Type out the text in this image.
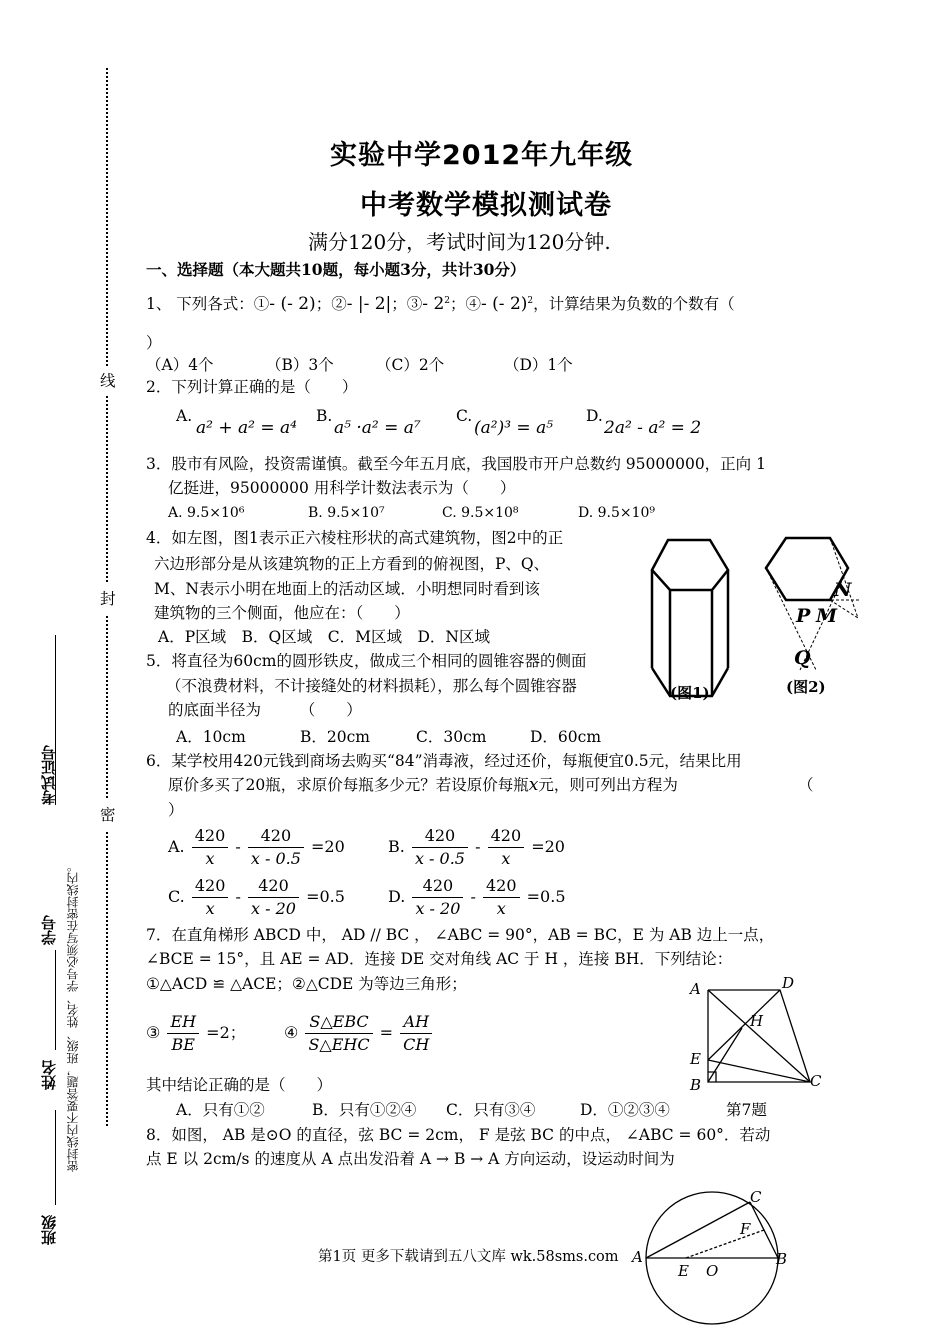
线
封
密
考试证号
学号
姓名
班级
密封线内不要答题，班级、姓名、学号必须写在密封线内。
实验中学2012年九年级
中考数学模拟测试卷
满分120分，考试时间为120分钟.
一、选择题（本大题共10题，每小题3分，共计30分）
1、 下列各式：①- (- 2)；②- |- 2|；③- $2^2$；④- (- 2)$^2$，计算结果为负数的个数有（
）
（A）4个	（B）3个	（C）2个	（D）1个
2．下列计算正确的是（　　）
A.
a² + a² = a⁴
B.
a⁵ ·a² = a⁷
C.
(a²)³ = a⁵
D.
2a² - a² = 2
3．股市有风险，投资需谨慎。截至今年五月底，我国股市开户总数约 95000000，正向 1
亿挺进，95000000 用科学计数法表示为（　　）
A. 9.5×10⁶	B. 9.5×10⁷	C. 9.5×10⁸	D. 9.5×10⁹
4．如左图，图1表示正六棱柱形状的高式建筑物，图2中的正
六边形部分是从该建筑物的正上方看到的俯视图，P、Q、
M、N表示小明在地面上的活动区域．小明想同时看到该
建筑物的三个侧面，他应在：（　　）
A．P区域　B．Q区域　C．M区域　D．N区域
N
P M
Q
(图1)	(图2)
5．将直径为60cm的圆形铁皮，做成三个相同的圆锥容器的侧面
（不浪费材料，不计接缝处的材料损耗），那么每个圆锥容器
的底面半径为　　　（　　）
A．10cm	B．20cm	C．30cm	D．60cm
6．某学校用420元钱到商场去购买“84”消毒液，经过还价，每瓶便宜0.5元，结果比用
原价多买了20瓶，求原价每瓶多少元？若设原价每瓶x元，则可列出方程为	（
）
A. $\frac{420}{x} - \frac{420}{x - 0.5} =20$	B. $\frac{420}{x - 0.5} - \frac{420}{x} =20$
C. $\frac{420}{x} - \frac{420}{x - 20} =0.5$	D. $\frac{420}{x - 20} - \frac{420}{x} =0.5$
7．在直角梯形 ABCD 中， AD // BC ， ∠ABC = 90°，AB = BC，E 为 AB 边上一点，
∠BCE = 15°，且 AE = AD．连接 DE 交对角线 AC 于 H ，连接 BH．下列结论：
①△ACD ≌ △ACE；②△CDE 为等边三角形；
③ $\frac{EH}{BE} =2$； ④ $\frac{\text{S△EBC}}{\text{S△EHC}} = \frac{AH}{CH}$
其中结论正确的是（　　）
A．只有①②	B．只有①②④ C．只有③④	D．①②③④	第7题
A	D
H
E
B	C
8．如图， AB 是⊙O 的直径，弦 BC = 2cm， F 是弦 BC 的中点， ∠ABC = 60°．若动
点 E 以 2cm/s 的速度从 A 点出发沿着 A → B → A 方向运动，设运动时间为
A	B
C
F
E O
第1页 更多下载请到五八文库 wk.58sms.com
